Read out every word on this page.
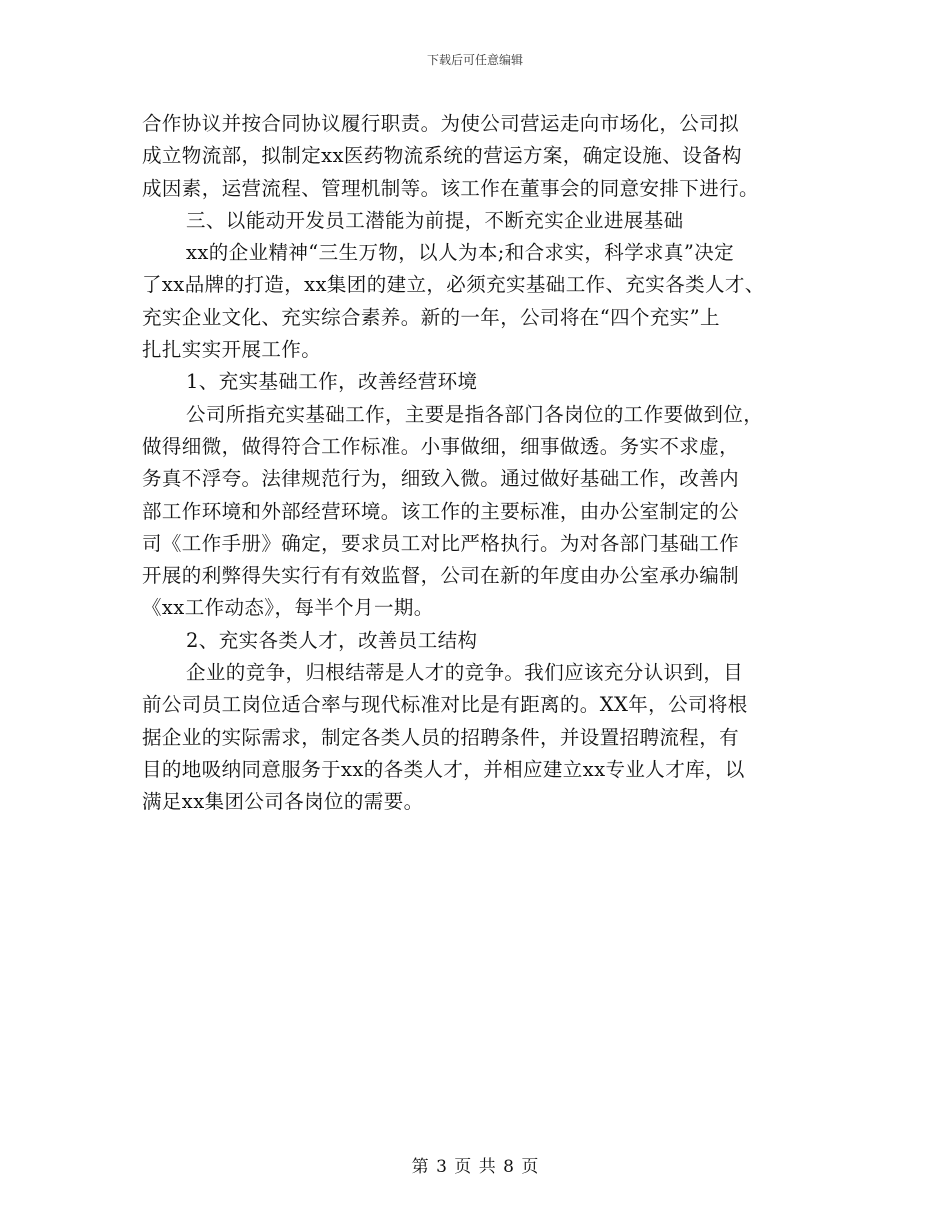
下载后可任意编辑
合作协议并按合同协议履行职责。为使公司营运走向市场化，公司拟
成立物流部，拟制定xx医药物流系统的营运方案，确定设施、设备构
成因素，运营流程、管理机制等。该工作在董事会的同意安排下进行。
三、以能动开发员工潜能为前提，不断充实企业进展基础
xx的企业精神“三生万物，以人为本;和合求实，科学求真”决定
了xx品牌的打造，xx集团的建立，必须充实基础工作、充实各类人才、
充实企业文化、充实综合素养。新的一年，公司将在“四个充实”上
扎扎实实开展工作。
1、充实基础工作，改善经营环境
公司所指充实基础工作，主要是指各部门各岗位的工作要做到位，
做得细微，做得符合工作标准。小事做细，细事做透。务实不求虚，
务真不浮夸。法律规范行为，细致入微。通过做好基础工作，改善内
部工作环境和外部经营环境。该工作的主要标准，由办公室制定的公
司《工作手册》确定，要求员工对比严格执行。为对各部门基础工作
开展的利弊得失实行有有效监督，公司在新的年度由办公室承办编制
《xx工作动态》，每半个月一期。
2、充实各类人才，改善员工结构
企业的竞争，归根结蒂是人才的竞争。我们应该充分认识到，目
前公司员工岗位适合率与现代标准对比是有距离的。XX年，公司将根
据企业的实际需求，制定各类人员的招聘条件，并设置招聘流程，有
目的地吸纳同意服务于xx的各类人才，并相应建立xx专业人才库，以
满足xx集团公司各岗位的需要。
第 3 页 共 8 页
